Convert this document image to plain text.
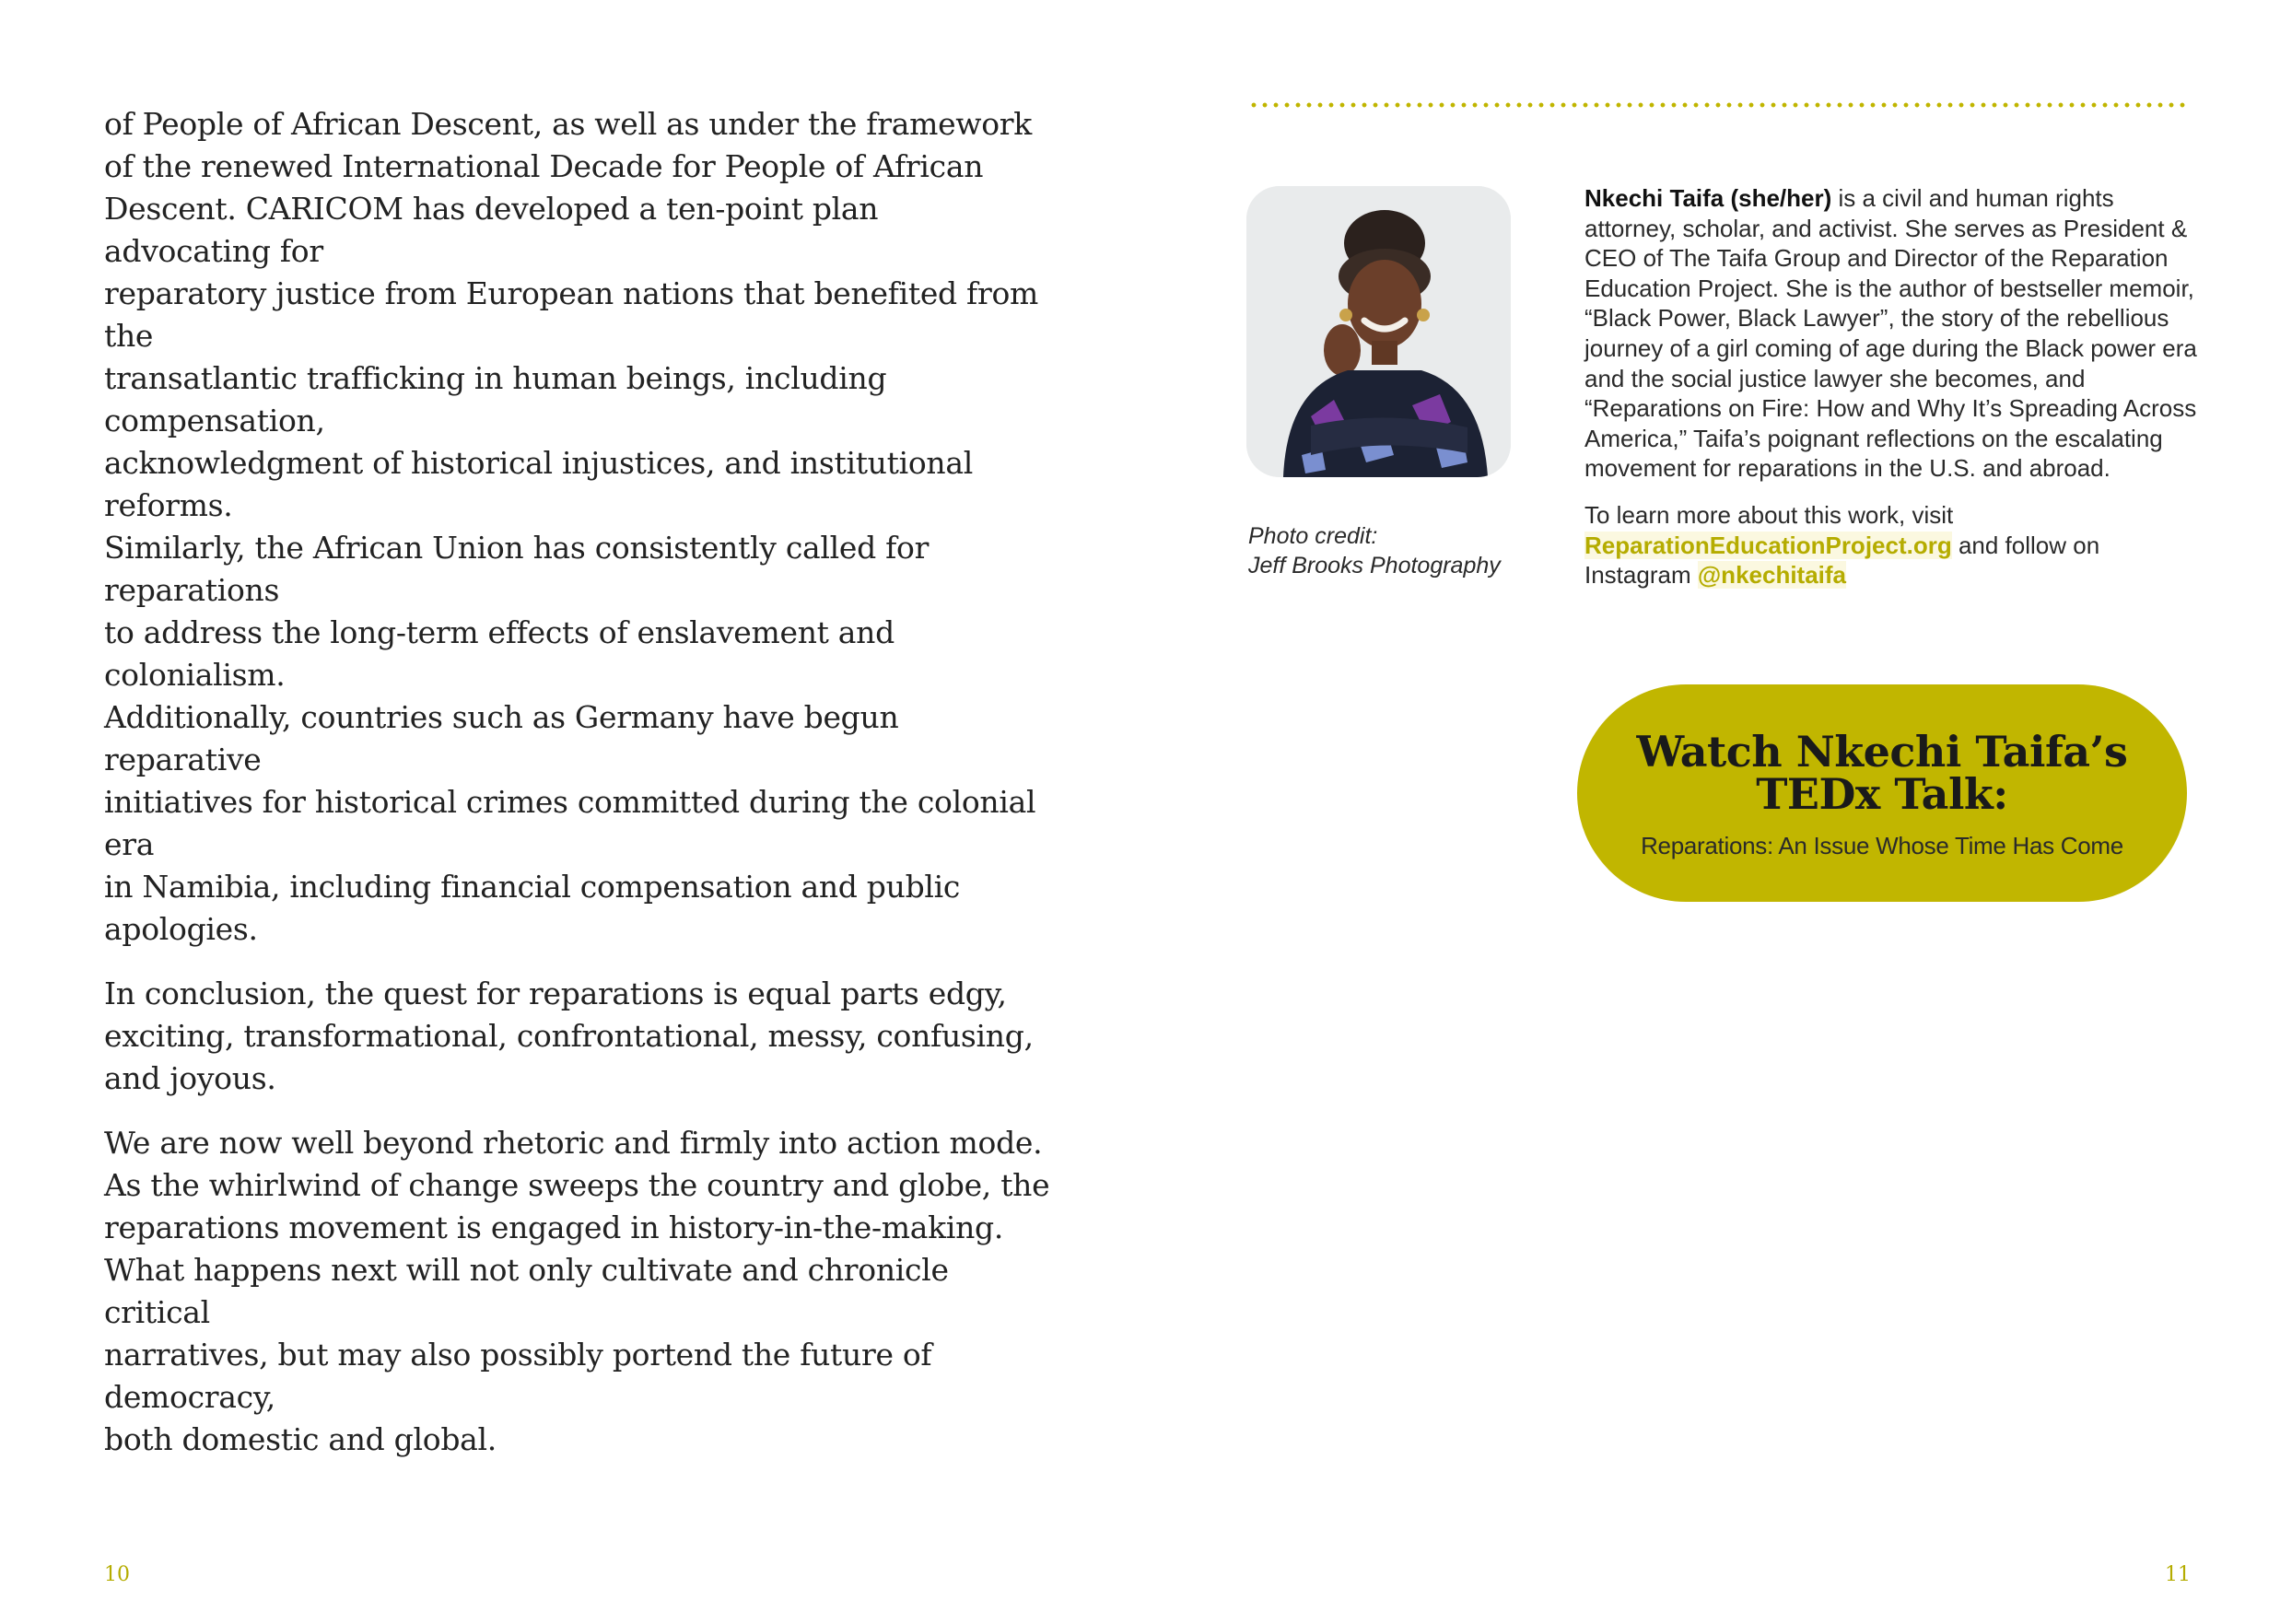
of People of African Descent, as well as under the framework
of the renewed International Decade for People of African
Descent. CARICOM has developed a ten-point plan advocating for
reparatory justice from European nations that benefited from the
transatlantic trafficking in human beings, including compensation,
acknowledgment of historical injustices, and institutional reforms.
Similarly, the African Union has consistently called for reparations
to address the long-term effects of enslavement and colonialism.
Additionally, countries such as Germany have begun reparative
initiatives for historical crimes committed during the colonial era
in Namibia, including financial compensation and public apologies.

In conclusion, the quest for reparations is equal parts edgy,
exciting, transformational, confrontational, messy, confusing,
and joyous.

We are now well beyond rhetoric and firmly into action mode.
As the whirlwind of change sweeps the country and globe, the
reparations movement is engaged in history-in-the-making.
What happens next will not only cultivate and chronicle critical
narratives, but may also possibly portend the future of democracy,
both domestic and global.

10
Photo credit:
Jeff Brooks Photography

Nkechi Taifa (she/her) is a civil and human rights attorney, scholar, and activist. She serves as President & CEO of The Taifa Group and Director of the Reparation Education Project. She is the author of bestseller memoir, “Black Power, Black Lawyer”, the story of the rebellious journey of a girl coming of age during the Black power era and the social justice lawyer she becomes, and “Reparations on Fire: How and Why It’s Spreading Across America,” Taifa’s poignant reflections on the escalating movement for reparations in the U.S. and abroad.

To learn more about this work, visit ReparationEducationProject.org and follow on Instagram @nkechitaifa

Watch Nkechi Taifa’s
TEDx Talk:
Reparations: An Issue Whose Time Has Come
11
